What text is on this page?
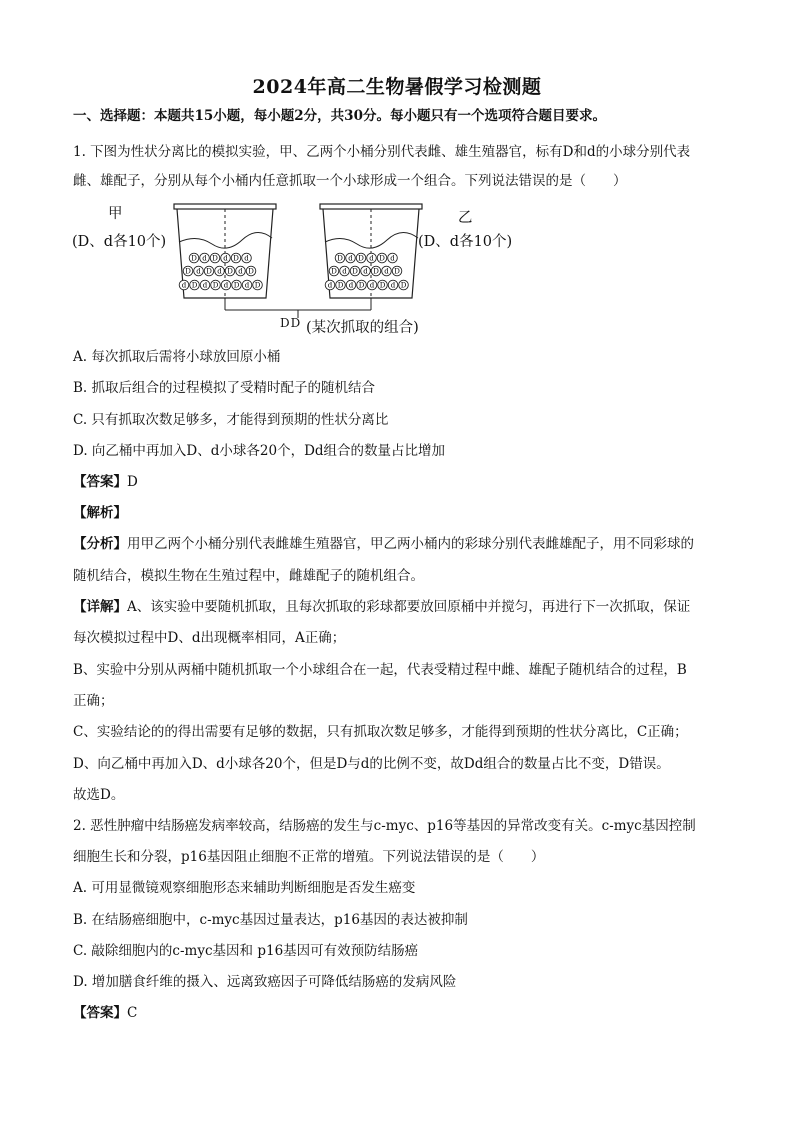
2024年高二生物暑假学习检测题
一、选择题：本题共15小题，每小题2分，共30分。每小题只有一个选项符合题目要求。
1. 下图为性状分离比的模拟实验，甲、乙两个小桶分别代表雌、雄生殖器官，标有D和d的小球分别代表
雌、雄配子，分别从每个小桶内任意抓取一个小球形成一个组合。下列说法错误的是（　　）
D d D d D d
D d D d D d D
d D d D d D d D
D d D d D d
D d D d D d D
d D d D d D d D
甲
(D、d各10个)
乙
(D、d各10个)
DD (某次抓取的组合)
A. 每次抓取后需将小球放回原小桶
B. 抓取后组合的过程模拟了受精时配子的随机结合
C. 只有抓取次数足够多，才能得到预期的性状分离比
D. 向乙桶中再加入D、d小球各20个，Dd组合的数量占比增加
【答案】D
【解析】
【分析】用甲乙两个小桶分别代表雌雄生殖器官，甲乙两小桶内的彩球分别代表雌雄配子，用不同彩球的
随机结合，模拟生物在生殖过程中，雌雄配子的随机组合。
【详解】A、该实验中要随机抓取，且每次抓取的彩球都要放回原桶中并搅匀，再进行下一次抓取，保证
每次模拟过程中D、d出现概率相同，A正确；
B、实验中分别从两桶中随机抓取一个小球组合在一起，代表受精过程中雌、雄配子随机结合的过程，B
正确；
C、实验结论的的得出需要有足够的数据，只有抓取次数足够多，才能得到预期的性状分离比，C正确；
D、向乙桶中再加入D、d小球各20个，但是D与d的比例不变，故Dd组合的数量占比不变，D错误。
故选D。
2. 恶性肿瘤中结肠癌发病率较高，结肠癌的发生与c-myc、p16等基因的异常改变有关。c-myc基因控制
细胞生长和分裂，p16基因阻止细胞不正常的增殖。下列说法错误的是（　　）
A. 可用显微镜观察细胞形态来辅助判断细胞是否发生癌变
B. 在结肠癌细胞中，c-myc基因过量表达，p16基因的表达被抑制
C. 敲除细胞内的c-myc基因和 p16基因可有效预防结肠癌
D. 增加膳食纤维的摄入、远离致癌因子可降低结肠癌的发病风险
【答案】C
